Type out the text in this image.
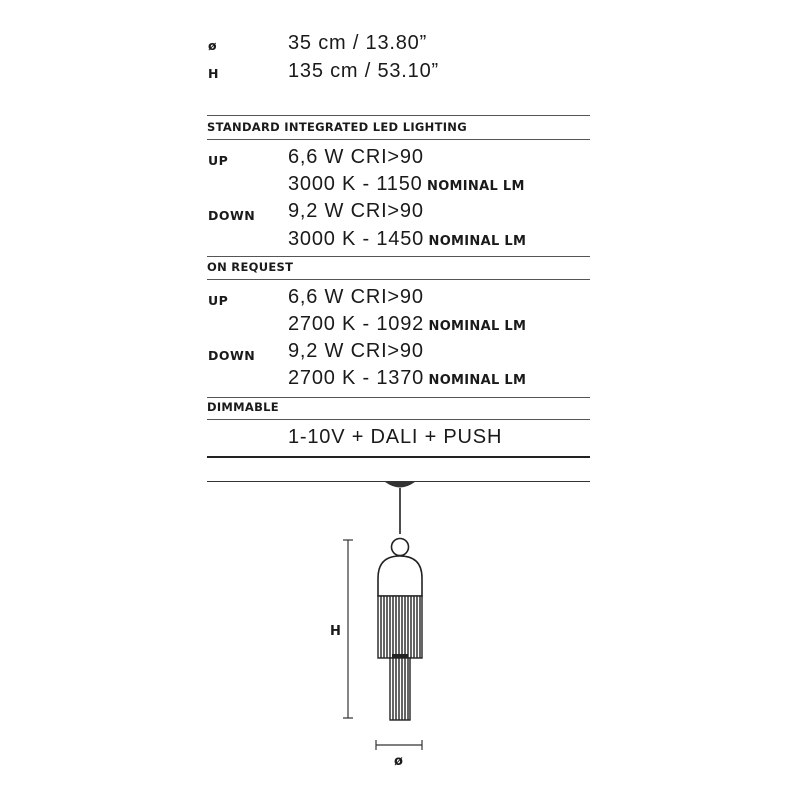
ø	35 cm / 13.80”
H	135 cm / 53.10”
STANDARD INTEGRATED LED LIGHTING
UP	6,6 W CRI>90
3000 K - 1150 NOMINAL LM
DOWN 9,2 W CRI>90
3000 K - 1450 NOMINAL LM
ON REQUEST
UP	6,6 W CRI>90
2700 K - 1092 NOMINAL LM
DOWN 9,2 W CRI>90
2700 K - 1370 NOMINAL LM
DIMMABLE
1-10V + DALI + PUSH
H
ø
